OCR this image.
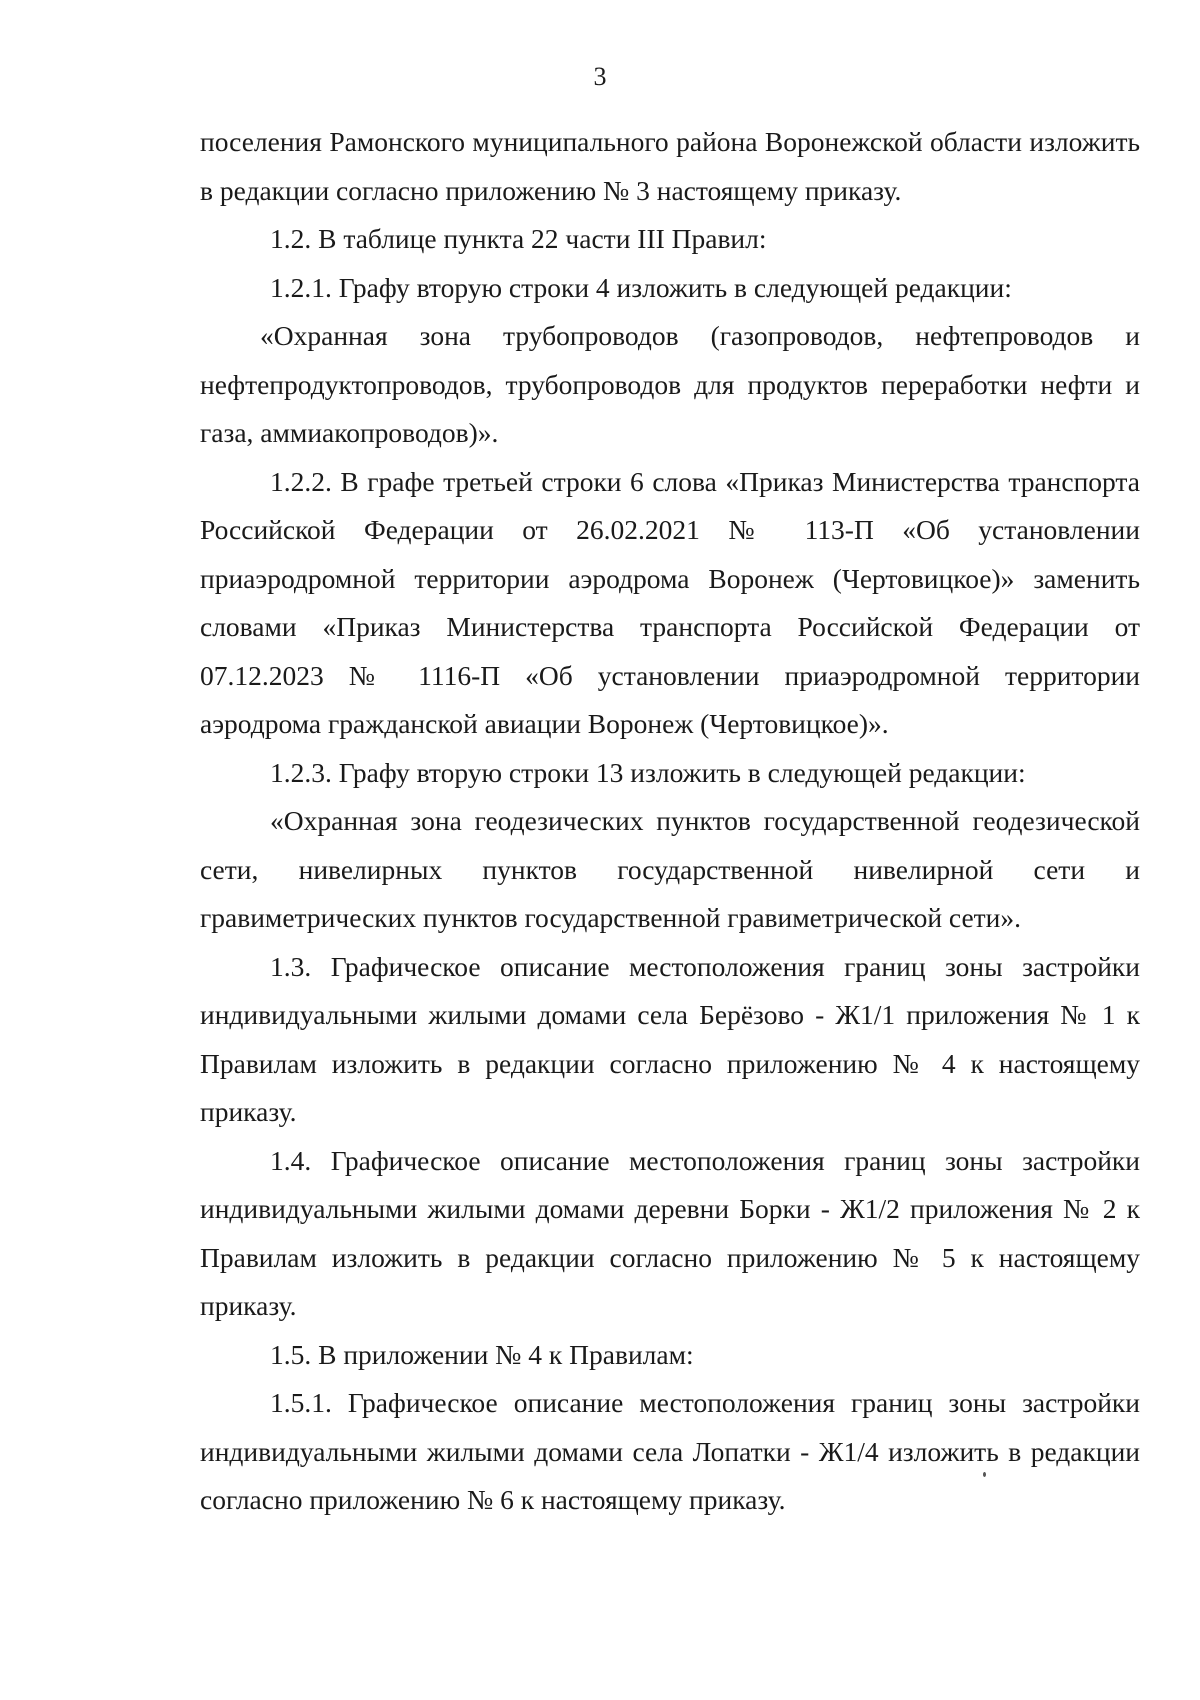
3

поселения Рамонского муниципального района Воронежской области изложить в редакции согласно приложению № 3 настоящему приказу.

1.2. В таблице пункта 22 части III Правил:

1.2.1. Графу вторую строки 4 изложить в следующей редакции:

«Охранная зона трубопроводов (газопроводов, нефтепроводов и нефтепродуктопроводов, трубопроводов для продуктов переработки нефти и газа, аммиакопроводов)».

1.2.2. В графе третьей строки 6 слова «Приказ Министерства транспорта Российской Федерации от 26.02.2021 № 113-П «Об установлении приаэродромной территории аэродрома Воронеж (Чертовицкое)» заменить словами «Приказ Министерства транспорта Российской Федерации от 07.12.2023 № 1116-П «Об установлении приаэродромной территории аэродрома гражданской авиации Воронеж (Чертовицкое)».

1.2.3. Графу вторую строки 13 изложить в следующей редакции:

«Охранная зона геодезических пунктов государственной геодезической сети, нивелирных пунктов государственной нивелирной сети и гравиметрических пунктов государственной гравиметрической сети».

1.3. Графическое описание местоположения границ зоны застройки индивидуальными жилыми домами села Берёзово - Ж1/1 приложения № 1 к Правилам изложить в редакции согласно приложению № 4 к настоящему приказу.

1.4. Графическое описание местоположения границ зоны застройки индивидуальными жилыми домами деревни Борки - Ж1/2 приложения № 2 к Правилам изложить в редакции согласно приложению № 5 к настоящему приказу.

1.5. В приложении № 4 к Правилам:

1.5.1. Графическое описание местоположения границ зоны застройки индивидуальными жилыми домами села Лопатки - Ж1/4 изложить в редакции согласно приложению № 6 к настоящему приказу.
